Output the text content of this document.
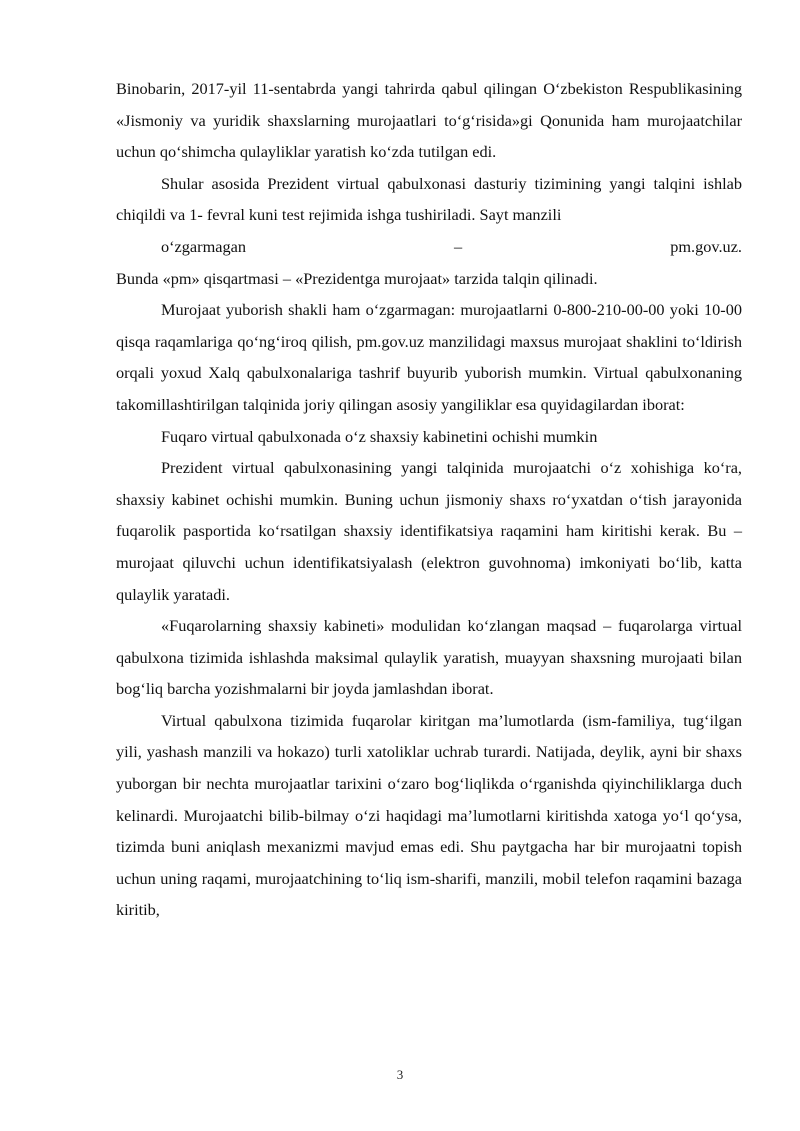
Binobarin, 2017-yil 11-sentabrda yangi tahrirda qabul qilingan Oʻzbekiston Respublikasining «Jismoniy va yuridik shaxslarning murojaatlari toʻgʻrisida»gi Qonunida ham murojaatchilar uchun qoʻshimcha qulayliklar yaratish koʻzda tutilgan edi.

Shular asosida Prezident virtual qabulxonasi dasturiy tizimining yangi talqini ishlab chiqildi va 1- fevral kuni test rejimida ishga tushiriladi. Sayt manzili
oʻzgarmagan	–	pm.gov.uz.

Bunda «pm» qisqartmasi – «Prezidentga murojaat» tarzida talqin qilinadi.

Murojaat yuborish shakli ham oʻzgarmagan: murojaatlarni 0-800-210-00-00 yoki 10-00 qisqa raqamlariga qoʻngʻiroq qilish, pm.gov.uz manzilidagi maxsus murojaat shaklini toʻldirish orqali yoxud Xalq qabulxonalariga tashrif buyurib yuborish mumkin. Virtual qabulxonaning takomillashtirilgan talqinida joriy qilingan asosiy yangiliklar esa quyidagilardan iborat:

Fuqaro virtual qabulxonada oʻz shaxsiy kabinetini ochishi mumkin

Prezident virtual qabulxonasining yangi talqinida murojaatchi oʻz xohishiga koʻra, shaxsiy kabinet ochishi mumkin. Buning uchun jismoniy shaxs roʻyxatdan oʻtish jarayonida fuqarolik pasportida koʻrsatilgan shaxsiy identifikatsiya raqamini ham kiritishi kerak. Bu – murojaat qiluvchi uchun identifikatsiyalash (elektron guvohnoma) imkoniyati boʻlib, katta qulaylik yaratadi.

«Fuqarolarning shaxsiy kabineti» modulidan koʻzlangan maqsad – fuqarolarga virtual qabulxona tizimida ishlashda maksimal qulaylik yaratish, muayyan shaxsning murojaati bilan bogʻliq barcha yozishmalarni bir joyda jamlashdan iborat.

Virtual qabulxona tizimida fuqarolar kiritgan maʼlumotlarda (ism-familiya, tugʻilgan yili, yashash manzili va hokazo) turli xatoliklar uchrab turardi. Natijada, deylik, ayni bir shaxs yuborgan bir nechta murojaatlar tarixini oʻzaro bogʻliqlikda oʻrganishda qiyinchiliklarga duch kelinardi. Murojaatchi bilib-bilmay oʻzi haqidagi maʼlumotlarni kiritishda xatoga yoʻl qoʻysa, tizimda buni aniqlash mexanizmi mavjud emas edi. Shu paytgacha har bir murojaatni topish uchun uning raqami, murojaatchining toʻliq ism-sharifi, manzili, mobil telefon raqamini bazaga kiritib,

3
